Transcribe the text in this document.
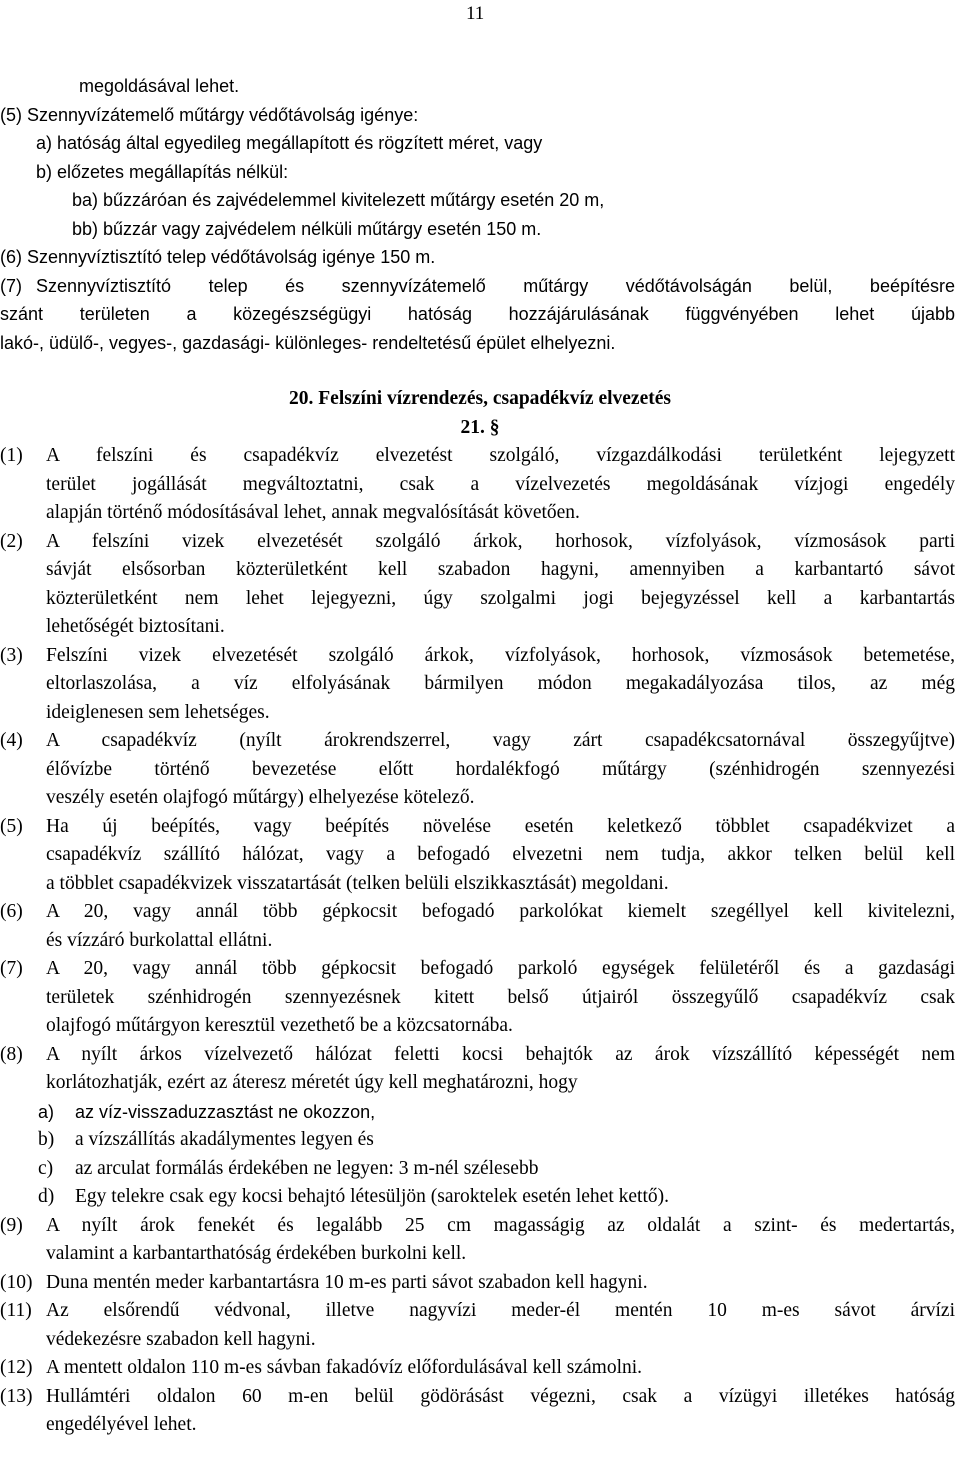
11
megoldásával lehet.
(5) Szennyvízátemelő műtárgy védőtávolság igénye:
a) hatóság által egyedileg megállapított és rögzített méret, vagy
b) előzetes megállapítás nélkül:
ba) bűzzáróan és zajvédelemmel kivitelezett műtárgy esetén 20 m,
bb) bűzzár vagy zajvédelem nélküli műtárgy esetén 150 m.
(6) Szennyvíztisztító telep védőtávolság igénye 150 m.
(7) Szennyvíztisztító telep és szennyvízátemelő műtárgy védőtávolságán belül, beépítésre
szánt területen a közegészségügyi hatóság hozzájárulásának függvényében lehet újabb
lakó-, üdülő-, vegyes-, gazdasági- különleges- rendeltetésű épület elhelyezni.
20. Felszíni vízrendezés, csapadékvíz elvezetés
21. §
(1) A felszíni és csapadékvíz elvezetést szolgáló, vízgazdálkodási területként lejegyzett
terület jogállását megváltoztatni, csak a vízelvezetés megoldásának vízjogi engedély
alapján történő módosításával lehet, annak megvalósítását követően.
(2) A felszíni vizek elvezetését szolgáló árkok, horhosok, vízfolyások, vízmosások parti
sávját elsősorban közterületként kell szabadon hagyni, amennyiben a karbantartó sávot
közterületként nem lehet lejegyezni, úgy szolgalmi jogi bejegyzéssel kell a karbantartás
lehetőségét biztosítani.
(3) Felszíni vizek elvezetését szolgáló árkok, vízfolyások, horhosok, vízmosások betemetése,
eltorlaszolása, a víz elfolyásának bármilyen módon megakadályozása tilos, az még
ideiglenesen sem lehetséges.
(4) A csapadékvíz (nyílt árokrendszerrel, vagy zárt csapadékcsatornával összegyűjtve)
élővízbe történő bevezetése előtt hordalékfogó műtárgy (szénhidrogén szennyezési
veszély esetén olajfogó műtárgy) elhelyezése kötelező.
(5) Ha új beépítés, vagy beépítés növelése esetén keletkező többlet csapadékvizet a
csapadékvíz szállító hálózat, vagy a befogadó elvezetni nem tudja, akkor telken belül kell
a többlet csapadékvizek visszatartását (telken belüli elszikkasztását) megoldani.
(6) A 20, vagy annál több gépkocsit befogadó parkolókat kiemelt szegéllyel kell kivitelezni,
és vízzáró burkolattal ellátni.
(7) A 20, vagy annál több gépkocsit befogadó parkoló egységek felületéről és a gazdasági
területek szénhidrogén szennyezésnek kitett belső útjairól összegyűlő csapadékvíz csak
olajfogó műtárgyon keresztül vezethető be a közcsatornába.
(8) A nyílt árkos vízelvezető hálózat feletti kocsi behajtók az árok vízszállító képességét nem
korlátozhatják, ezért az áteresz méretét úgy kell meghatározni, hogy
a) az víz-visszaduzzasztást ne okozzon,
b) a vízszállítás akadálymentes legyen és
c) az arculat formálás érdekében ne legyen: 3 m-nél szélesebb
d) Egy telekre csak egy kocsi behajtó létesüljön (saroktelek esetén lehet kettő).
(9) A nyílt árok fenekét és legalább 25 cm magasságig az oldalát a szint- és medertartás,
valamint a karbantarthatóság érdekében burkolni kell.
(10) Duna mentén meder karbantartásra 10 m-es parti sávot szabadon kell hagyni.
(11) Az elsőrendű védvonal, illetve nagyvízi meder-él mentén 10 m-es sávot árvízi
védekezésre szabadon kell hagyni.
(12) A mentett oldalon 110 m-es sávban fakadóvíz előfordulásával kell számolni.
(13) Hullámtéri oldalon 60 m-en belül gödörásást végezni, csak a vízügyi illetékes hatóság
engedélyével lehet.
